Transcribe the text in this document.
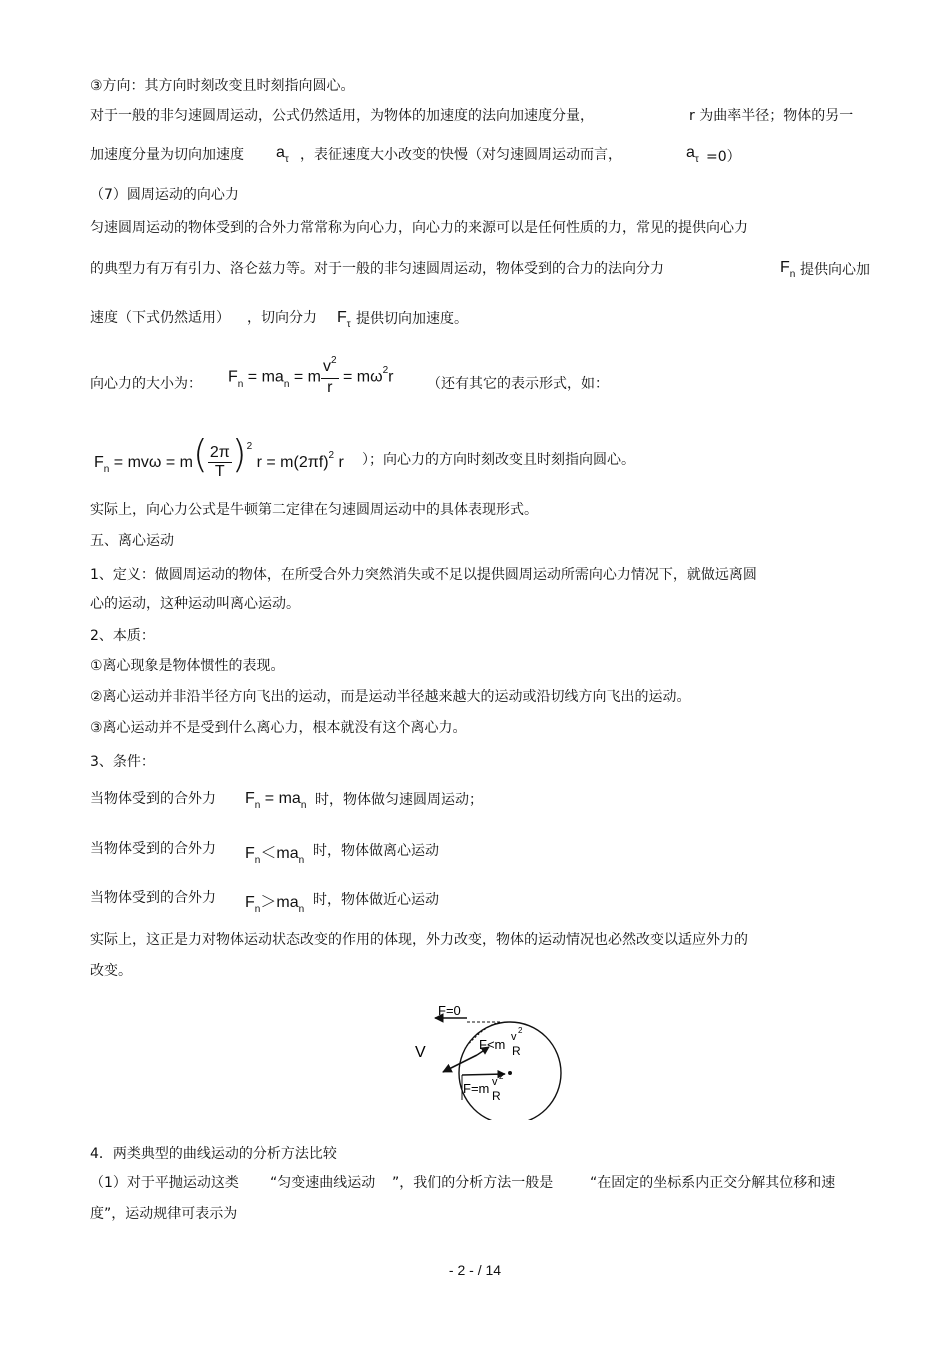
③方向：其方向时刻改变且时刻指向圆心。
对于一般的非匀速圆周运动，公式仍然适用，为物体的加速度的法向加速度分量，	r 为曲率半径；物体的另一
加速度分量为切向加速度 $a_\tau$ ，表征速度大小改变的快慢（对匀速圆周运动而言，	$a_\tau =0$）
（7）圆周运动的向心力
匀速圆周运动的物体受到的合外力常常称为向心力，向心力的来源可以是任何性质的力，常见的提供向心力
的典型力有万有引力、洛仑兹力等。对于一般的非匀速圆周运动，物体受到的合力的法向分力	$F_n$ 提供向心加
速度（下式仍然适用） ，切向分力 $F_\tau$ 提供切向加速度。
向心力的大小为： $F_n = ma_n = m \frac{v^2}{r} = m\omega^2r$ （还有其它的表示形式，如：
$F_n = mv\omega = m( \frac{2\pi}{T} )^2$ $r = m(2\pi f)^2$ r ）；向心力的方向时刻改变且时刻指向圆心。
实际上，向心力公式是牛顿第二定律在匀速圆周运动中的具体表现形式。
五、离心运动
1、定义：做圆周运动的物体，在所受合外力突然消失或不足以提供圆周运动所需向心力情况下，就做远离圆
心的运动，这种运动叫离心运动。
2、本质：
①离心现象是物体惯性的表现。
②离心运动并非沿半径方向飞出的运动，而是运动半径越来越大的运动或沿切线方向飞出的运动。
③离心运动并不是受到什么离心力，根本就没有这个离心力。
3、条件：
当物体受到的合外力 $F_n = ma_n$ 时，物体做匀速圆周运动；
当物体受到的合外力 $F_n<ma_n$
时，物体做离心运动
当物体受到的合外力 $F_n>ma_n$
时，物体做近心运动
实际上，这正是力对物体运动状态改变的作用的体现，外力改变，物体的运动情况也必然改变以适应外力的
改变。
F=0
V	F<m v
2
R
F=m v 2
R
4．两类典型的曲线运动的分析方法比较
（1）对于平抛运动这类 “匀变速曲线运动 ”，我们的分析方法一般是	“在固定的坐标系内正交分解其位移和速
度”，运动规律可表示为
- 2 - / 14
